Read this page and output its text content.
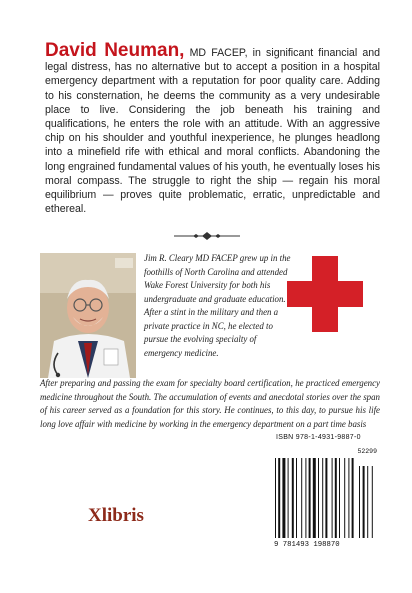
David Neuman, MD FACEP, in significant financial and legal distress, has no alternative but to accept a position in a hospital emergency department with a reputation for poor quality care. Adding to his consternation, he deems the community as a very undesirable place to live. Considering the job beneath his training and qualifications, he enters the role with an attitude. With an aggressive chip on his shoulder and youthful inexperience, he plunges headlong into a minefield rife with ethical and moral conflicts. Abandoning the long engrained fundamental values of his youth, he eventually loses his moral compass. The struggle to right the ship — regain his moral equilibrium — proves quite problematic, erratic, unpredictable and ethereal.
Jim R. Cleary MD FACEP grew up in the foothills of North Carolina and attended Wake Forest University for both his undergraduate and graduate education. After a stint in the military and then a private practice in NC, he elected to pursue the evolving specialty of emergency medicine.
After preparing and passing the exam for specialty board certification, he practiced emergency medicine throughout the South. The accumulation of events and anecdotal stories over the span of his career served as a foundation for this story. He continues, to this day, to pursue his life long love affair with medicine by working in the emergency department on a part time basis
ISBN 978-1-4931-9887-0
52299
9 781493 198870
Xlibris
